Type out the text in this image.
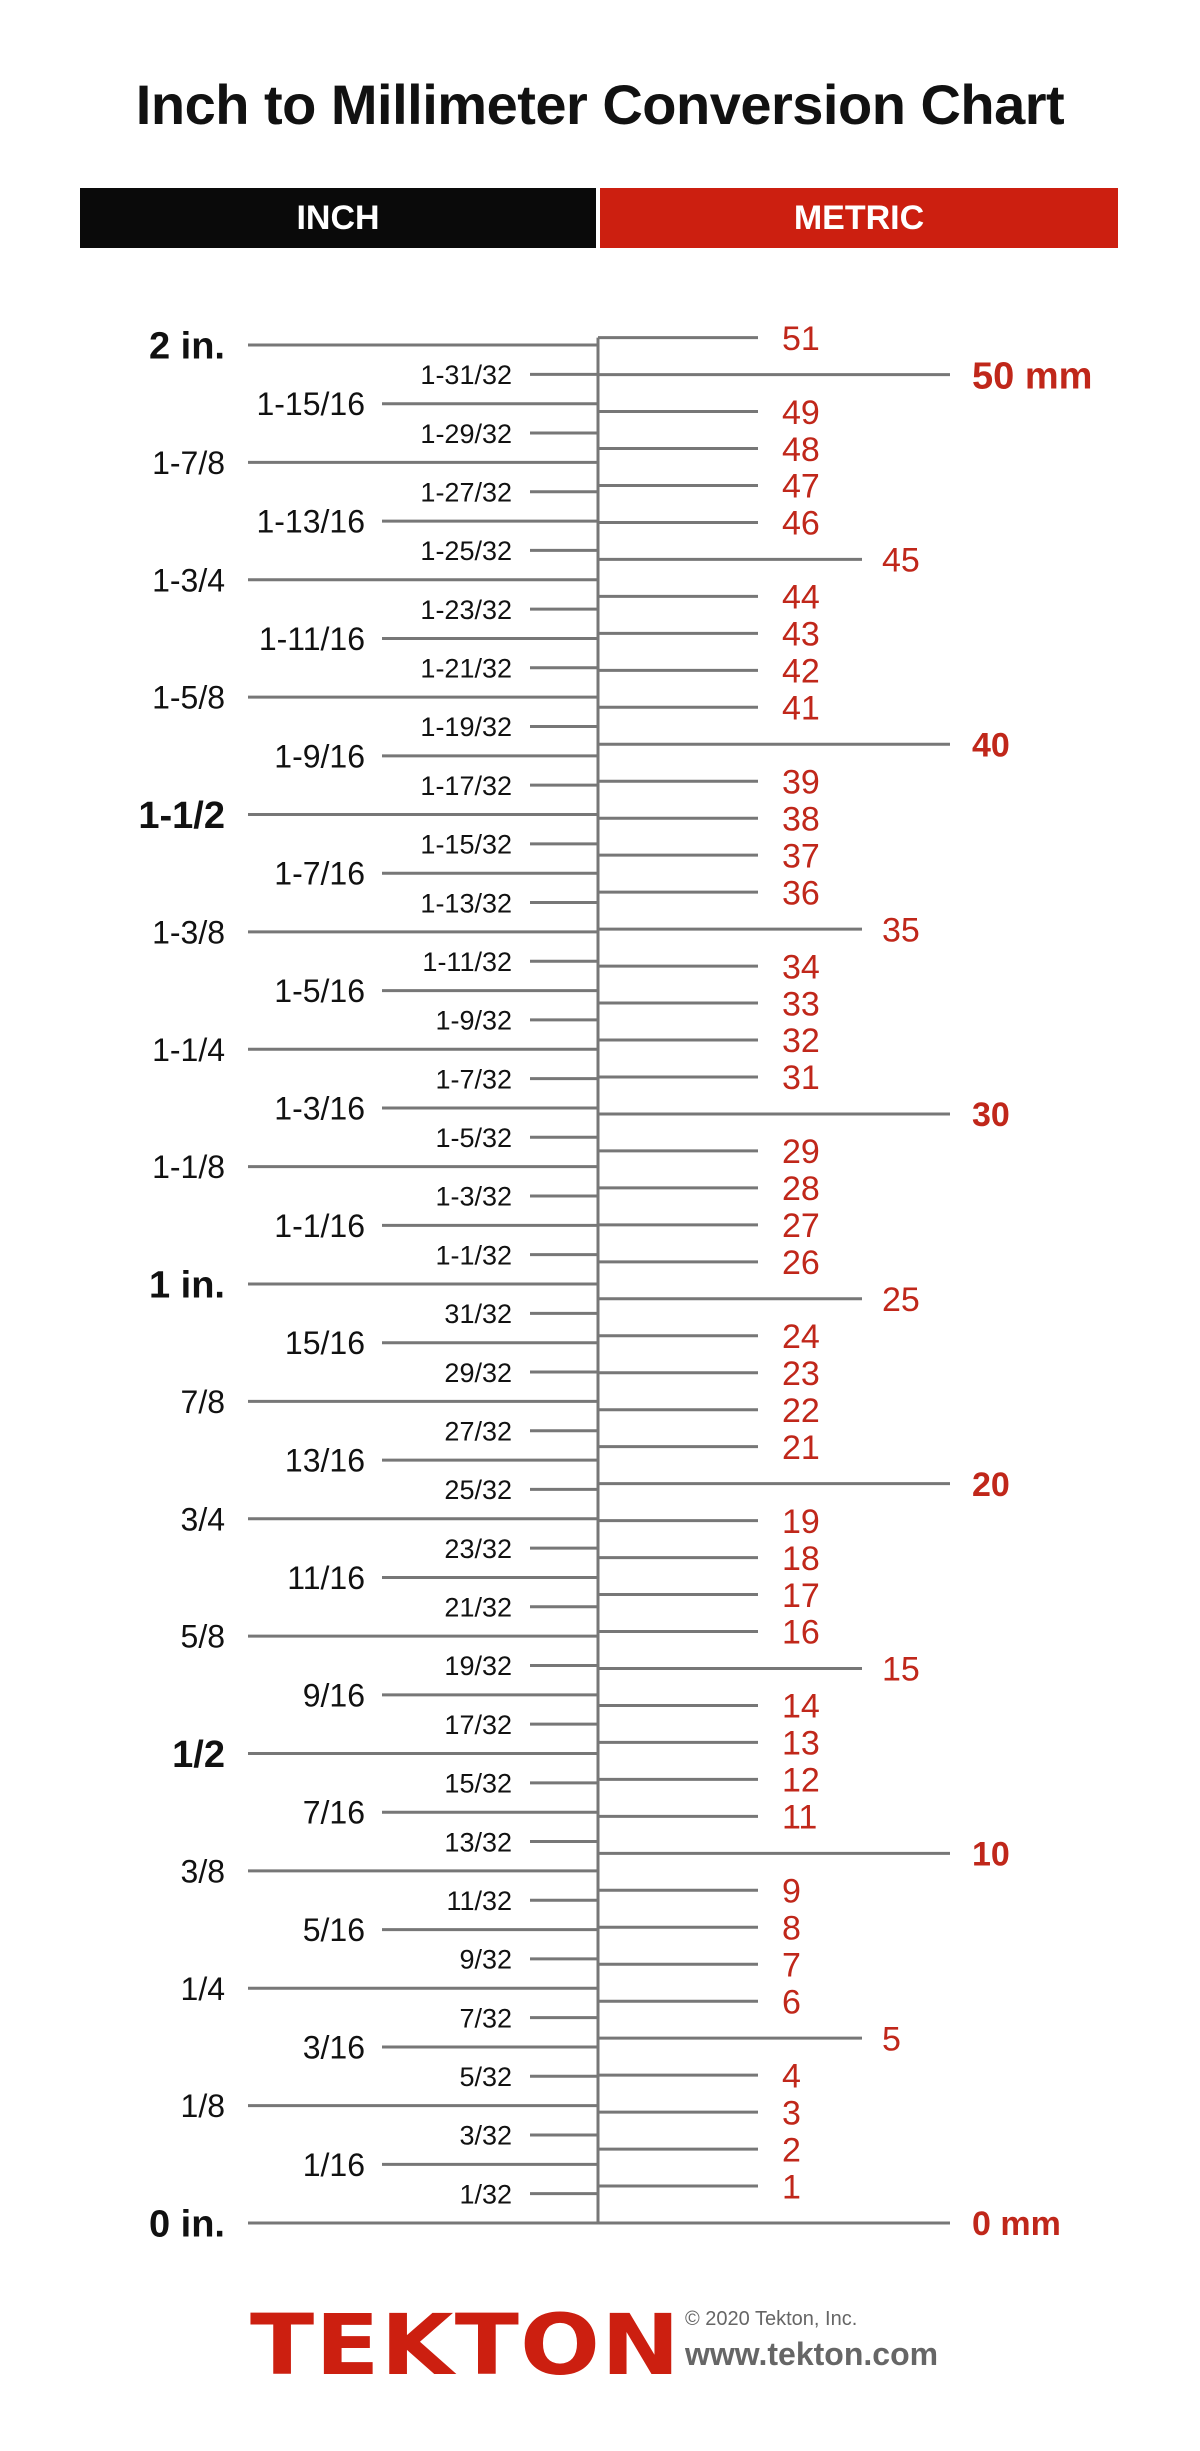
Inch to Millimeter Conversion Chart
INCH	METRIC
0 in.
1/32
1/16
3/32
1/8
5/32
3/16
7/32
1/4
9/32
5/16
11/32
3/8
13/32
7/16
15/32
1/2
17/32
9/16
19/32
5/8
21/32
11/16
23/32
3/4
25/32
13/16
27/32
7/8
29/32
15/16
31/32
1 in.
1-1/32
1-1/16
1-3/32
1-1/8
1-5/32
1-3/16
1-7/32
1-1/4
1-9/32
1-5/16
1-11/32
1-3/8
1-13/32
1-7/16
1-15/32
1-1/2
1-17/32
1-9/16
1-19/32
1-5/8
1-21/32
1-11/16
1-23/32
1-3/4
1-25/32
1-13/16
1-27/32
1-7/8
1-29/32
1-15/16
1-31/32
2 in.
0 mm
1
2
3
4
5
6
7
8
9
10
11
12
13
14
15
16
17
18
19
20
21
22
23
24
25
26
27
28
29
30
31
32
33
34
35
36
37
38
39
40
41
42
43
44
45
46
47
48
49
50 mm
51
TEKTON © 2020 Tekton, Inc.
www.tekton.com
